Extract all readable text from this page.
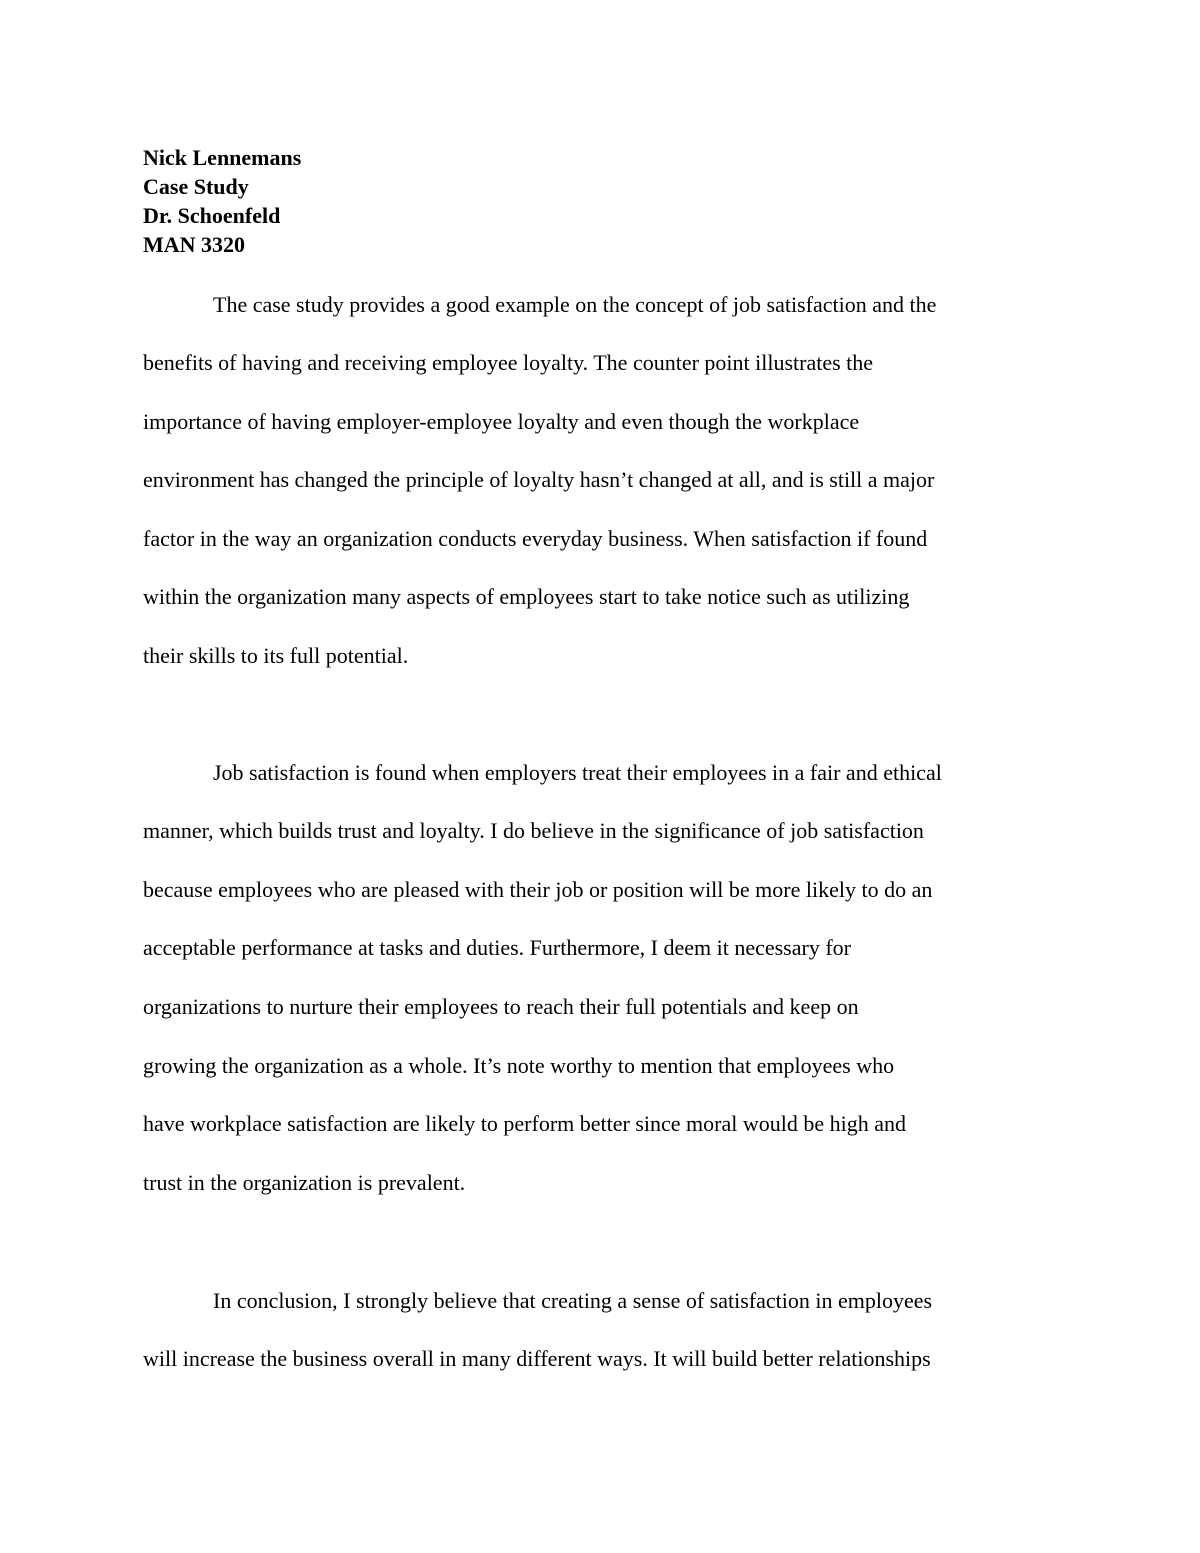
Nick Lennemans
Case Study
Dr. Schoenfeld
MAN 3320
The case study provides a good example on the concept of job satisfaction and the
benefits of having and receiving employee loyalty. The counter point illustrates the
importance of having employer-employee loyalty and even though the workplace
environment has changed the principle of loyalty hasn’t changed at all, and is still a major
factor in the way an organization conducts everyday business. When satisfaction if found
within the organization many aspects of employees start to take notice such as utilizing
their skills to its full potential.
Job satisfaction is found when employers treat their employees in a fair and ethical
manner, which builds trust and loyalty. I do believe in the significance of job satisfaction
because employees who are pleased with their job or position will be more likely to do an
acceptable performance at tasks and duties. Furthermore, I deem it necessary for
organizations to nurture their employees to reach their full potentials and keep on
growing the organization as a whole. It’s note worthy to mention that employees who
have workplace satisfaction are likely to perform better since moral would be high and
trust in the organization is prevalent.
In conclusion, I strongly believe that creating a sense of satisfaction in employees
will increase the business overall in many different ways. It will build better relationships
